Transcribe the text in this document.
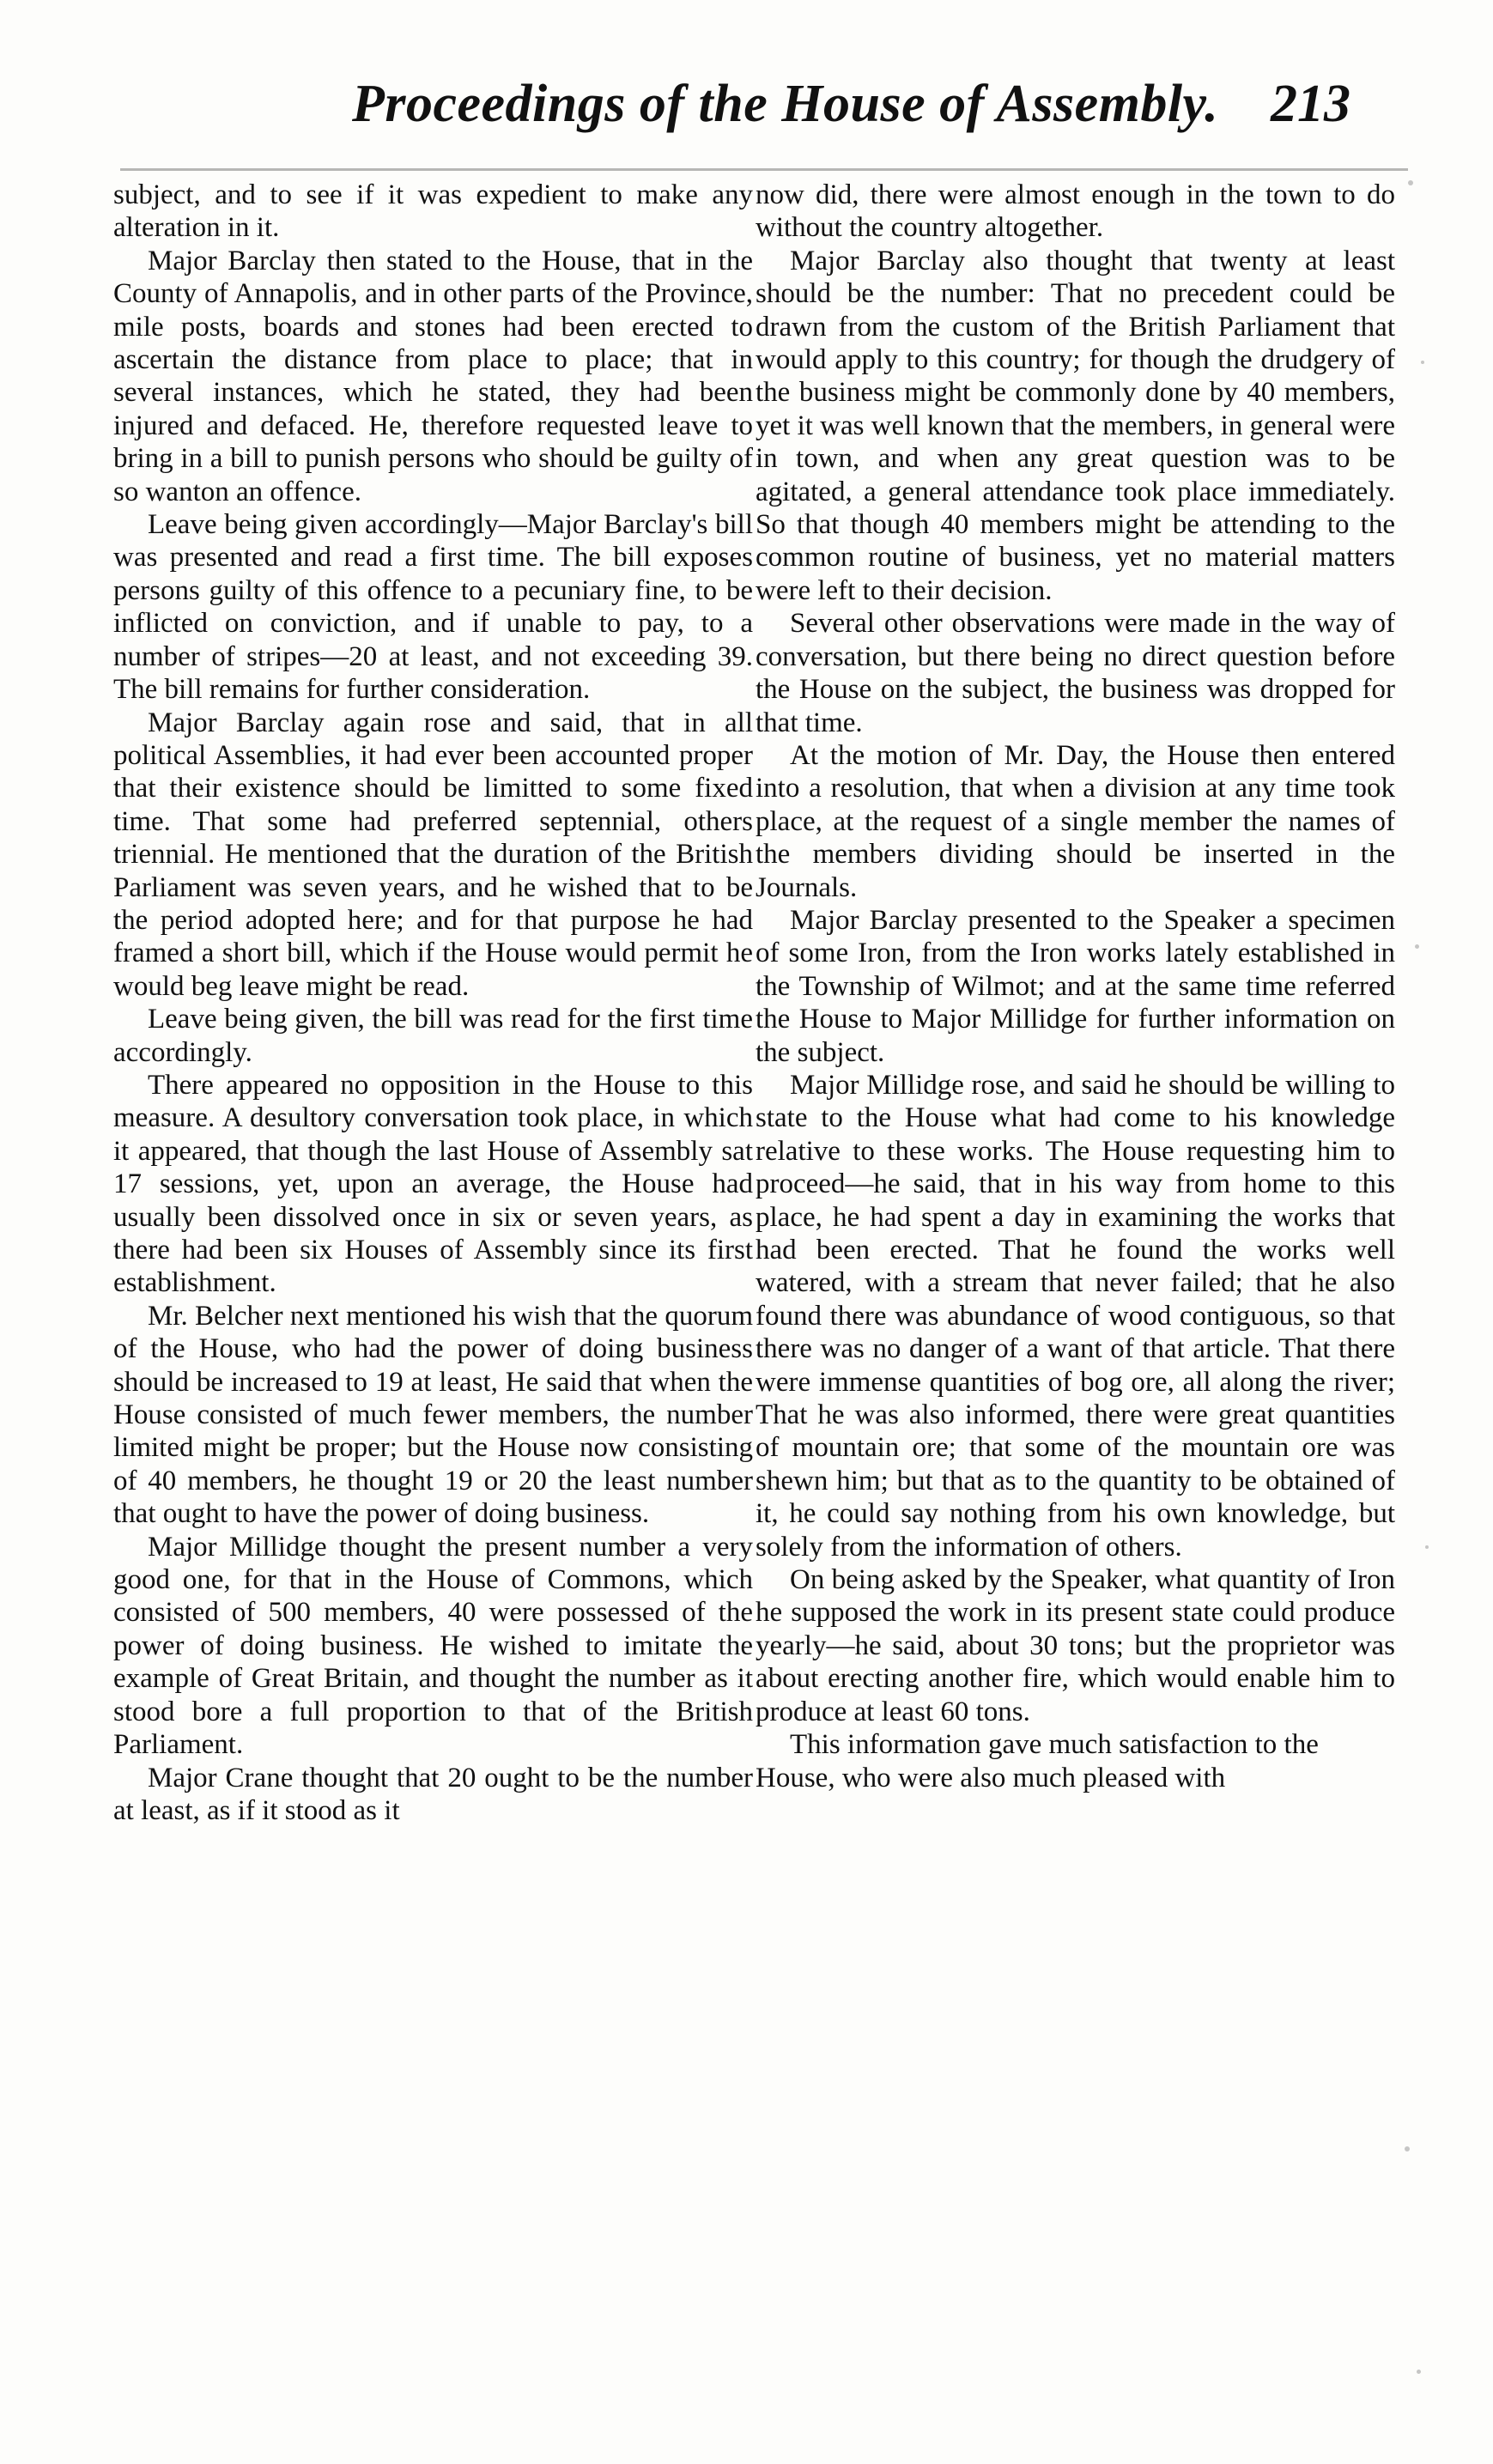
Proceedings of the House of Assembly. 213

subject, and to see if it was expedient to make any alteration in it.

Major Barclay then stated to the House, that in the County of Annapolis, and in other parts of the Province, mile posts, boards and stones had been erected to ascertain the distance from place to place; that in several instances, which he stated, they had been injured and defaced. He, therefore requested leave to bring in a bill to punish persons who should be guilty of so wanton an offence.

Leave being given accordingly—Major Barclay's bill was presented and read a first time. The bill exposes persons guilty of this offence to a pecuniary fine, to be inflicted on conviction, and if unable to pay, to a number of stripes—20 at least, and not exceeding 39. The bill remains for further consideration.

Major Barclay again rose and said, that in all political Assemblies, it had ever been accounted proper that their existence should be limitted to some fixed time. That some had preferred septennial, others triennial. He mentioned that the duration of the British Parliament was seven years, and he wished that to be the period adopted here; and for that purpose he had framed a short bill, which if the House would permit he would beg leave might be read.

Leave being given, the bill was read for the first time accordingly.

There appeared no opposition in the House to this measure. A desultory conversation took place, in which it appeared, that though the last House of Assembly sat 17 sessions, yet, upon an average, the House had usually been dissolved once in six or seven years, as there had been six Houses of Assembly since its first establishment.

Mr. Belcher next mentioned his wish that the quorum of the House, who had the power of doing business should be increased to 19 at least, He said that when the House consisted of much fewer members, the number limited might be proper; but the House now consisting of 40 members, he thought 19 or 20 the least number that ought to have the power of doing business.

Major Millidge thought the present number a very good one, for that in the House of Commons, which consisted of 500 members, 40 were possessed of the power of doing business. He wished to imitate the example of Great Britain, and thought the number as it stood bore a full proportion to that of the British Parliament.

Major Crane thought that 20 ought to be the number at least, as if it stood as it

now did, there were almost enough in the town to do without the country altogether.

Major Barclay also thought that twenty at least should be the number: That no precedent could be drawn from the custom of the British Parliament that would apply to this country; for though the drudgery of the business might be commonly done by 40 members, yet it was well known that the members, in general were in town, and when any great question was to be agitated, a general attendance took place immediately. So that though 40 members might be attending to the common routine of business, yet no material matters were left to their decision.

Several other observations were made in the way of conversation, but there being no direct question before the House on the subject, the business was dropped for that time.

At the motion of Mr. Day, the House then entered into a resolution, that when a division at any time took place, at the request of a single member the names of the members dividing should be inserted in the Journals.

Major Barclay presented to the Speaker a specimen of some Iron, from the Iron works lately established in the Township of Wilmot; and at the same time referred the House to Major Millidge for further information on the subject.

Major Millidge rose, and said he should be willing to state to the House what had come to his knowledge relative to these works. The House requesting him to proceed—he said, that in his way from home to this place, he had spent a day in examining the works that had been erected. That he found the works well watered, with a stream that never failed; that he also found there was abundance of wood contiguous, so that there was no danger of a want of that article. That there were immense quantities of bog ore, all along the river; That he was also informed, there were great quantities of mountain ore; that some of the mountain ore was shewn him; but that as to the quantity to be obtained of it, he could say nothing from his own knowledge, but solely from the information of others.

On being asked by the Speaker, what quantity of Iron he supposed the work in its present state could produce yearly—he said, about 30 tons; but the proprietor was about erecting another fire, which would enable him to produce at least 60 tons.

This information gave much satisfaction to the House, who were also much pleased with
